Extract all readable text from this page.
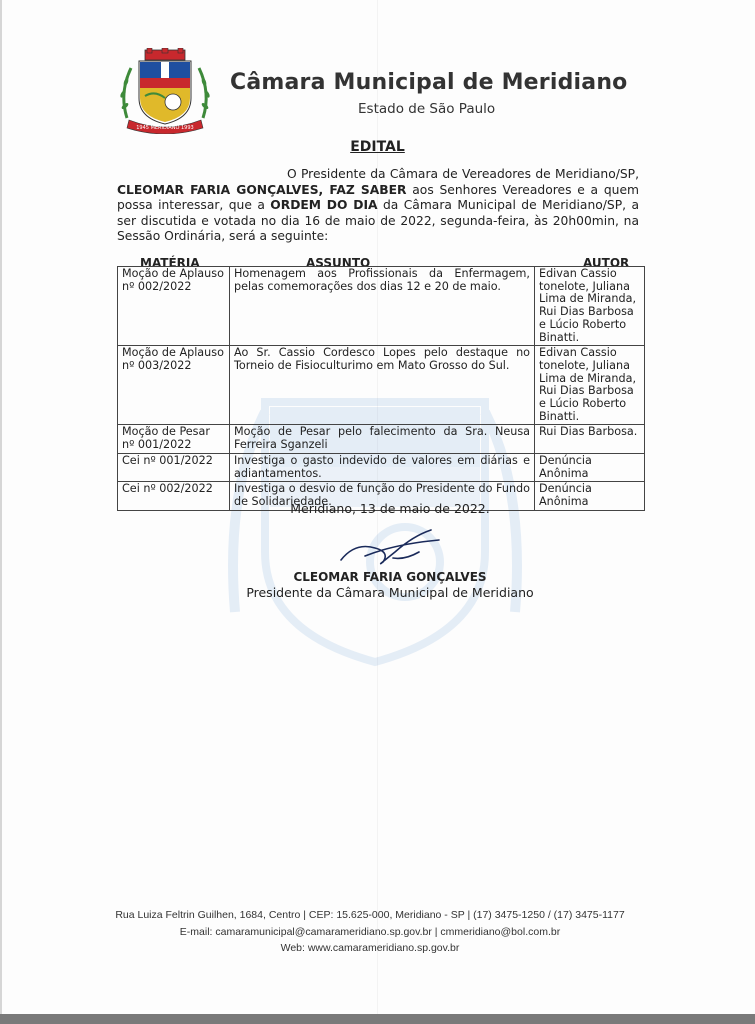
1945 MERIDIANO 1993
Câmara Municipal de Meridiano
Estado de São Paulo
EDITAL
O Presidente da Câmara de Vereadores de Meridiano/SP, CLEOMAR FARIA GONÇALVES, FAZ SABER aos Senhores Vereadores e a quem possa interessar, que a ORDEM DO DIA da Câmara Municipal de Meridiano/SP, a ser discutida e votada no dia 16 de maio de 2022, segunda-feira, às 20h00min, na Sessão Ordinária, será a seguinte:
MATÉRIA	ASSUNTO	AUTOR
Moção de Aplauso nº 002/2022	Homenagem aos Profissionais da Enfermagem, pelas comemorações dos dias 12 e 20 de maio.	Edivan Cassio tonelote, Juliana Lima de Miranda, Rui Dias Barbosa e Lúcio Roberto Binatti.
Moção de Aplauso nº 003/2022	Ao Sr. Cassio Cordesco Lopes pelo destaque no Torneio de Fisioculturimo em Mato Grosso do Sul.	Edivan Cassio tonelote, Juliana Lima de Miranda, Rui Dias Barbosa e Lúcio Roberto Binatti.
Moção de Pesar nº 001/2022	Moção de Pesar pelo falecimento da Sra. Neusa Ferreira Sganzeli	Rui Dias Barbosa.
Cei nº 001/2022	Investiga o gasto indevido de valores em diárias e adiantamentos.	Denúncia Anônima
Cei nº 002/2022	Investiga o desvio de função do Presidente do Fundo de Solidariedade.	Denúncia Anônima
Meridiano, 13 de maio de 2022.
CLEOMAR FARIA GONÇALVES
Presidente da Câmara Municipal de Meridiano
Rua Luiza Feltrin Guilhen, 1684, Centro | CEP: 15.625-000, Meridiano - SP | (17) 3475-1250 / (17) 3475-1177
E-mail: camaramunicipal@camarameridiano.sp.gov.br | cmmeridiano@bol.com.br
Web: www.camarameridiano.sp.gov.br
